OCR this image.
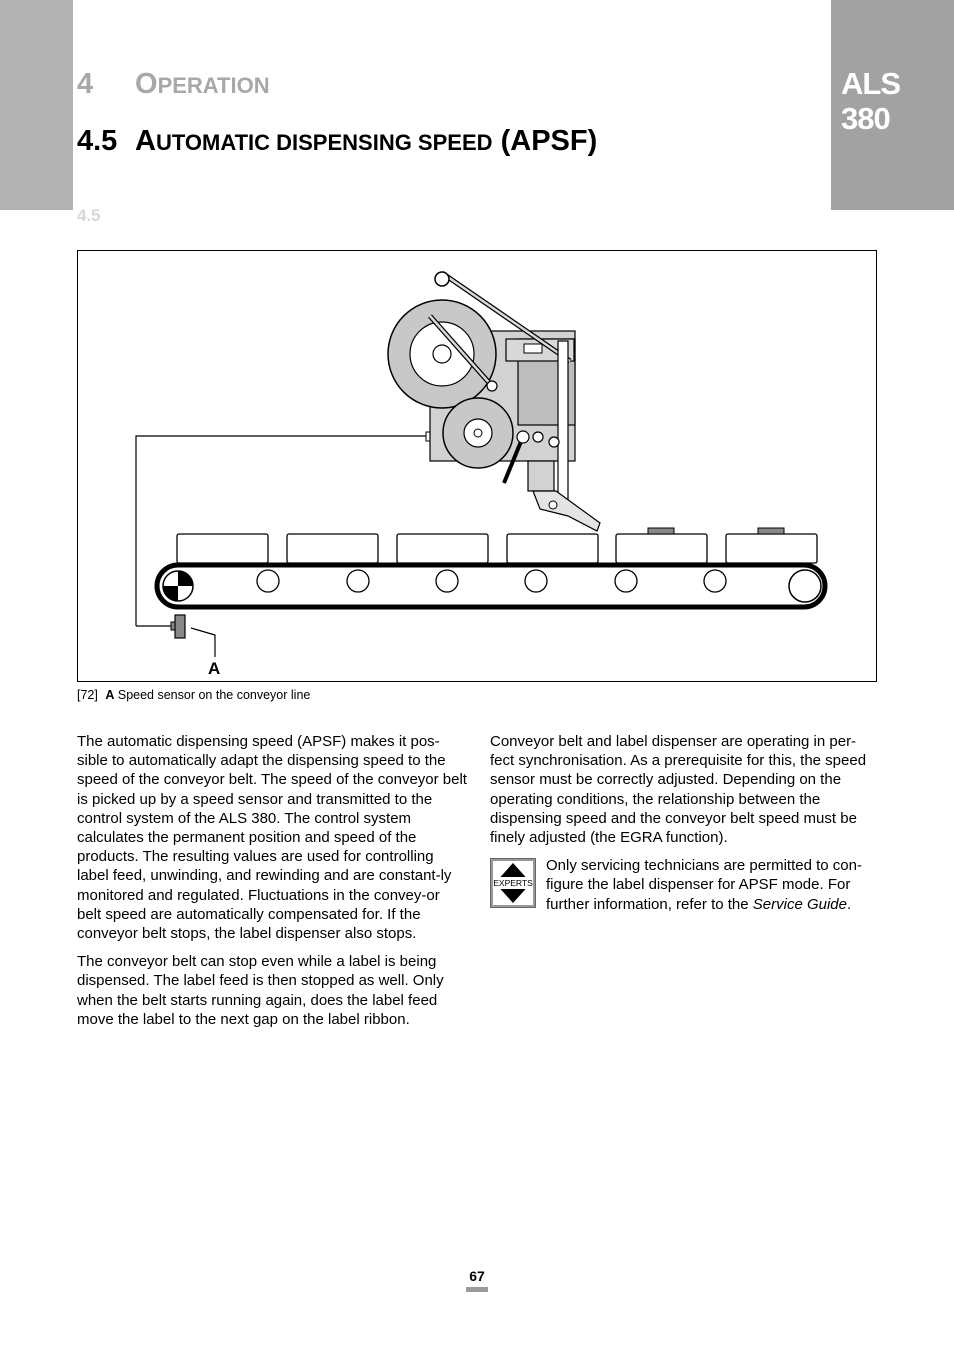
ALS
380
4 OPERATION
4.5 AUTOMATIC DISPENSING SPEED (APSF)
4.5
A
[72] A Speed sensor on the conveyor line

The automatic dispensing speed (APSF) makes it pos-sible to automatically adapt the dispensing speed to the speed of the conveyor belt. The speed of the conveyor belt is picked up by a speed sensor and transmitted to the control system of the ALS 380. The control system calculates the permanent position and speed of the products. The resulting values are used for controlling label feed, unwinding, and rewinding and are constant-ly monitored and regulated. Fluctuations in the convey-or belt speed are automatically compensated for. If the conveyor belt stops, the label dispenser also stops.

The conveyor belt can stop even while a label is being dispensed. The label feed is then stopped as well. Only when the belt starts running again, does the label feed move the label to the next gap on the label ribbon.

Conveyor belt and label dispenser are operating in per-fect synchronisation. As a prerequisite for this, the speed sensor must be correctly adjusted. Depending on the operating conditions, the relationship between the dispensing speed and the conveyor belt speed must be finely adjusted (the EGRA function).

EXPERTS
Only servicing technicians are permitted to con-figure the label dispenser for APSF mode. For further information, refer to the Service Guide.
67
